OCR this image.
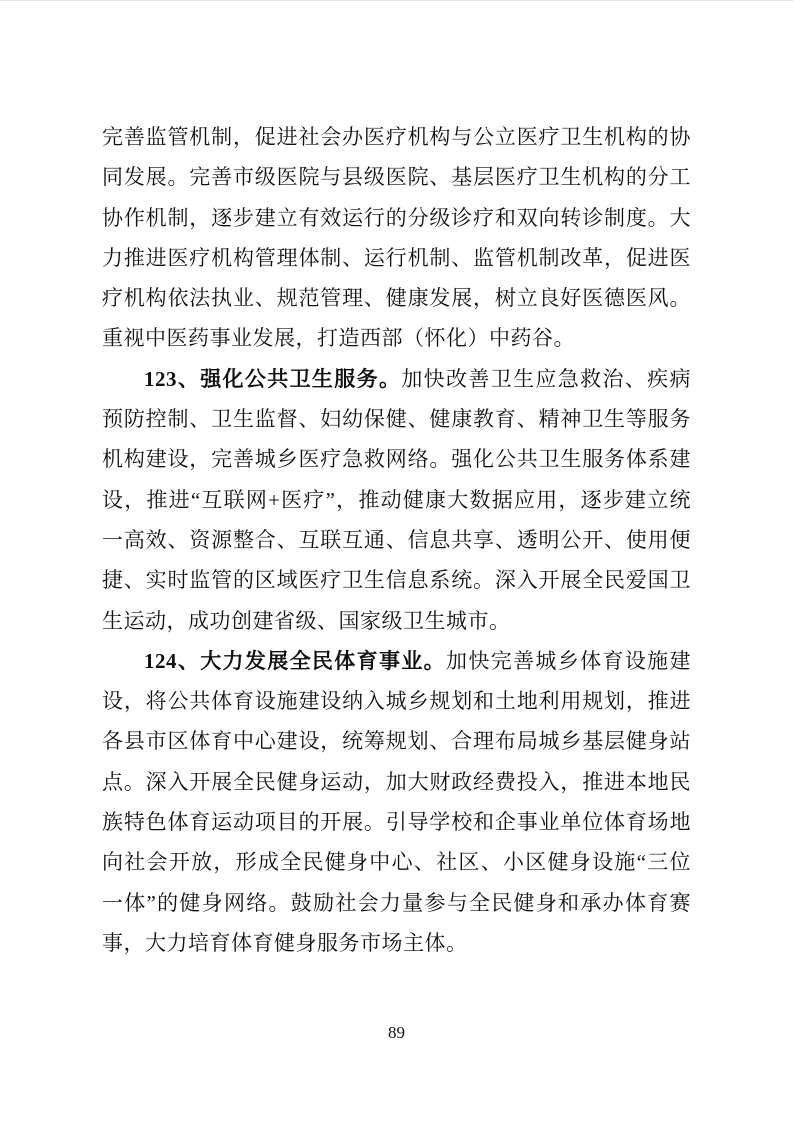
完善监管机制，促进社会办医疗机构与公立医疗卫生机构的协
同发展。完善市级医院与县级医院、基层医疗卫生机构的分工
协作机制，逐步建立有效运行的分级诊疗和双向转诊制度。大
力推进医疗机构管理体制、运行机制、监管机制改革，促进医
疗机构依法执业、规范管理、健康发展，树立良好医德医风。
重视中医药事业发展，打造西部（怀化）中药谷。
123、强化公共卫生服务。加快改善卫生应急救治、疾病
预防控制、卫生监督、妇幼保健、健康教育、精神卫生等服务
机构建设，完善城乡医疗急救网络。强化公共卫生服务体系建
设，推进“互联网+医疗”，推动健康大数据应用，逐步建立统
一高效、资源整合、互联互通、信息共享、透明公开、使用便
捷、实时监管的区域医疗卫生信息系统。深入开展全民爱国卫
生运动，成功创建省级、国家级卫生城市。
124、大力发展全民体育事业。加快完善城乡体育设施建
设，将公共体育设施建设纳入城乡规划和土地利用规划，推进
各县市区体育中心建设，统筹规划、合理布局城乡基层健身站
点。深入开展全民健身运动，加大财政经费投入，推进本地民
族特色体育运动项目的开展。引导学校和企事业单位体育场地
向社会开放，形成全民健身中心、社区、小区健身设施“三位
一体”的健身网络。鼓励社会力量参与全民健身和承办体育赛
事，大力培育体育健身服务市场主体。
89
